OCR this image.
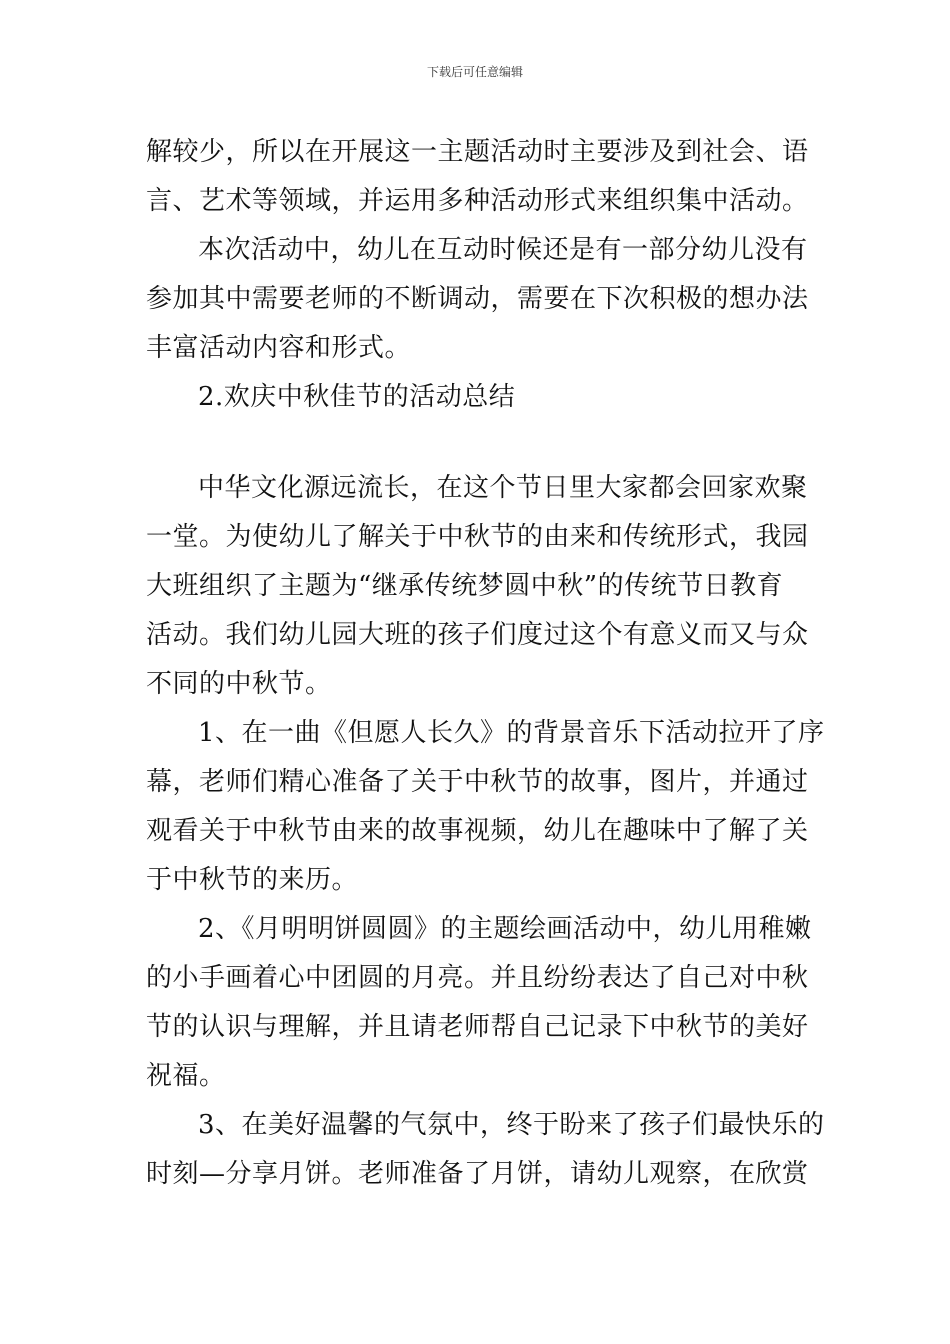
下载后可任意编辑
解较少，所以在开展这一主题活动时主要涉及到社会、语
言、艺术等领域，并运用多种活动形式来组织集中活动。
本次活动中，幼儿在互动时候还是有一部分幼儿没有
参加其中需要老师的不断调动，需要在下次积极的想办法
丰富活动内容和形式。
2.欢庆中秋佳节的活动总结
中华文化源远流长，在这个节日里大家都会回家欢聚
一堂。为使幼儿了解关于中秋节的由来和传统形式，我园
大班组织了主题为“继承传统梦圆中秋”的传统节日教育
活动。我们幼儿园大班的孩子们度过这个有意义而又与众
不同的中秋节。
1、在一曲《但愿人长久》的背景音乐下活动拉开了序
幕，老师们精心准备了关于中秋节的故事，图片，并通过
观看关于中秋节由来的故事视频，幼儿在趣味中了解了关
于中秋节的来历。
2、《月明明饼圆圆》的主题绘画活动中，幼儿用稚嫩
的小手画着心中团圆的月亮。并且纷纷表达了自己对中秋
节的认识与理解，并且请老师帮自己记录下中秋节的美好
祝福。
3、在美好温馨的气氛中，终于盼来了孩子们最快乐的
时刻—分享月饼。老师准备了月饼，请幼儿观察，在欣赏
